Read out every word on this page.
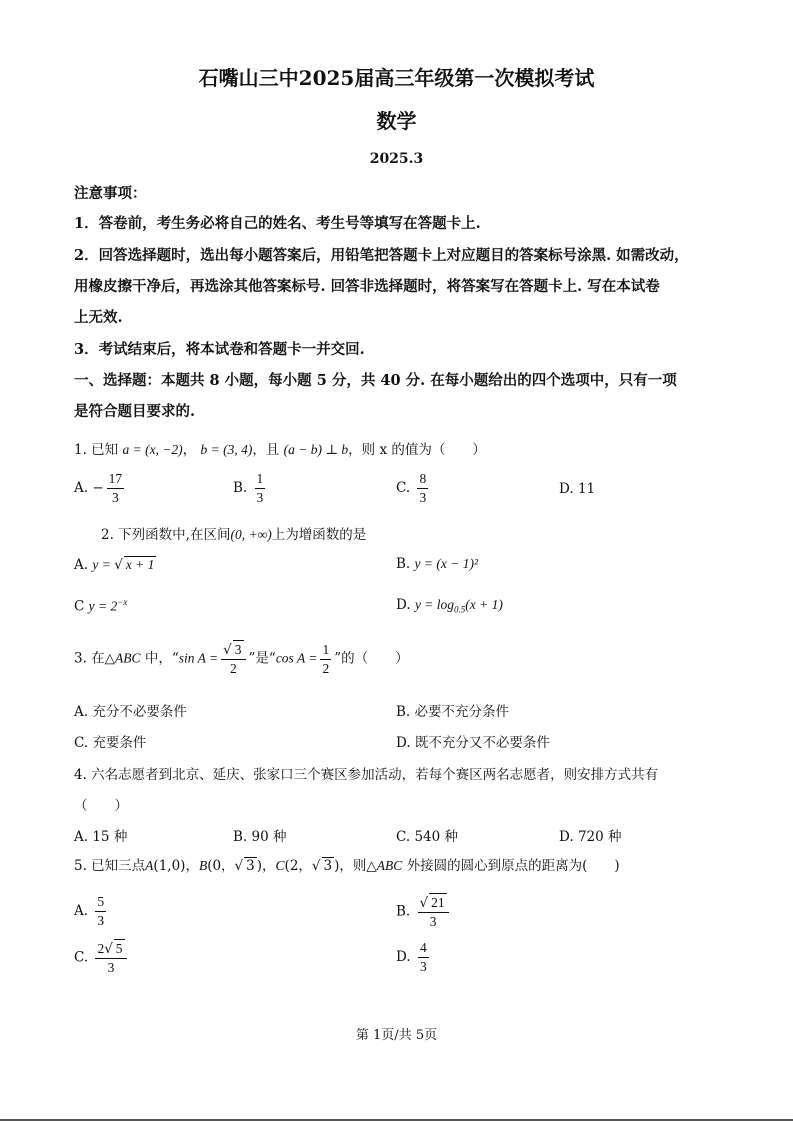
石嘴山三中2025届高三年级第一次模拟考试
数学
2025.3
注意事项：
1．答卷前，考生务必将自己的姓名、考生号等填写在答题卡上.
2．回答选择题时，选出每小题答案后，用铅笔把答题卡上对应题目的答案标号涂黑. 如需改动，
用橡皮擦干净后，再选涂其他答案标号. 回答非选择题时，将答案写在答题卡上. 写在本试卷
上无效.
3．考试结束后，将本试卷和答题卡一并交回.
一、选择题：本题共 8 小题，每小题 5 分，共 40 分. 在每小题给出的四个选项中，只有一项
是符合题目要求的.
1. 已知 a = (x, −2)， b = (3, 4)，且 (a − b) ⊥ b，则 x 的值为（　　）
A. − $\frac{17}{3}$	B. $\frac{1}{3}$	C. $\frac{8}{3}$	D. 11
2. 下列函数中,在区间(0, +∞)上为增函数的是
A. y = √ x + 1	B. y = (x − 1)²
C $y = 2^{-x}$	D. $y = \log_{0.5}(x + 1)$
3. 在△ABC 中，“sin $A = \frac{√ 3}{2}$ ”是“cos $A = \frac{1}{2}$ ”的（　　）
A. 充分不必要条件	B. 必要不充分条件
C. 充要条件	D. 既不充分又不必要条件
4. 六名志愿者到北京、延庆、张家口三个赛区参加活动，若每个赛区两名志愿者，则安排方式共有
（　　）
A. 15 种	B. 90 种	C. 540 种	D. 720 种
5. 已知三点A(1,0)，B(0，√ 3 )，C(2，√ 3 )，则△ABC 外接圆的圆心到原点的距离为(　　)
A. $\frac{5}{3}$	B. $\frac{√ 21}{3}$
C. $\frac{2√ 5}{3}$	D. $\frac{4}{3}$
第 1页/共 5页
